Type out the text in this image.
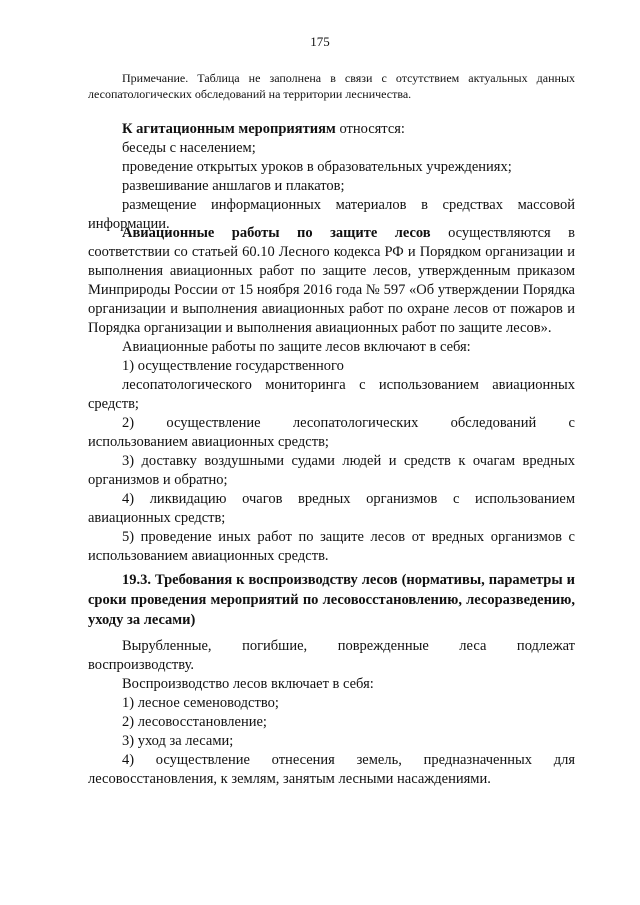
175
Примечание. Таблица не заполнена в связи с отсутствием актуальных данных лесопатологических обследований на территории лесничества.
К агитационным мероприятиям относятся:
беседы с населением;
проведение открытых уроков в образовательных учреждениях;
развешивание аншлагов и плакатов;
размещение информационных материалов в средствах массовой информации.
Авиационные работы по защите лесов осуществляются в соответствии со статьей 60.10 Лесного кодекса РФ и Порядком организации и выполнения авиационных работ по защите лесов, утвержденным приказом Минприроды России от 15 ноября 2016 года № 597 «Об утверждении Порядка организации и выполнения авиационных работ по охране лесов от пожаров и Порядка организации и выполнения авиационных работ по защите лесов».
Авиационные работы по защите лесов включают в себя:
1) осуществление государственного
лесопатологического мониторинга с использованием авиационных средств;
2) осуществление лесопатологических обследований с
использованием авиационных средств;
3) доставку воздушными судами людей и средств к очагам вредных организмов и обратно;
4) ликвидацию очагов вредных организмов с использованием авиационных средств;
5) проведение иных работ по защите лесов от вредных организмов с использованием авиационных средств.
19.3. Требования к воспроизводству лесов (нормативы, параметры и сроки проведения мероприятий по лесовосстановлению, лесоразведению, уходу за лесами)
Вырубленные, погибшие, поврежденные леса подлежат воспроизводству.
Воспроизводство лесов включает в себя:
1) лесное семеноводство;
2) лесовосстановление;
3) уход за лесами;
4) осуществление отнесения земель, предназначенных для лесовосстановления, к землям, занятым лесными насаждениями.
